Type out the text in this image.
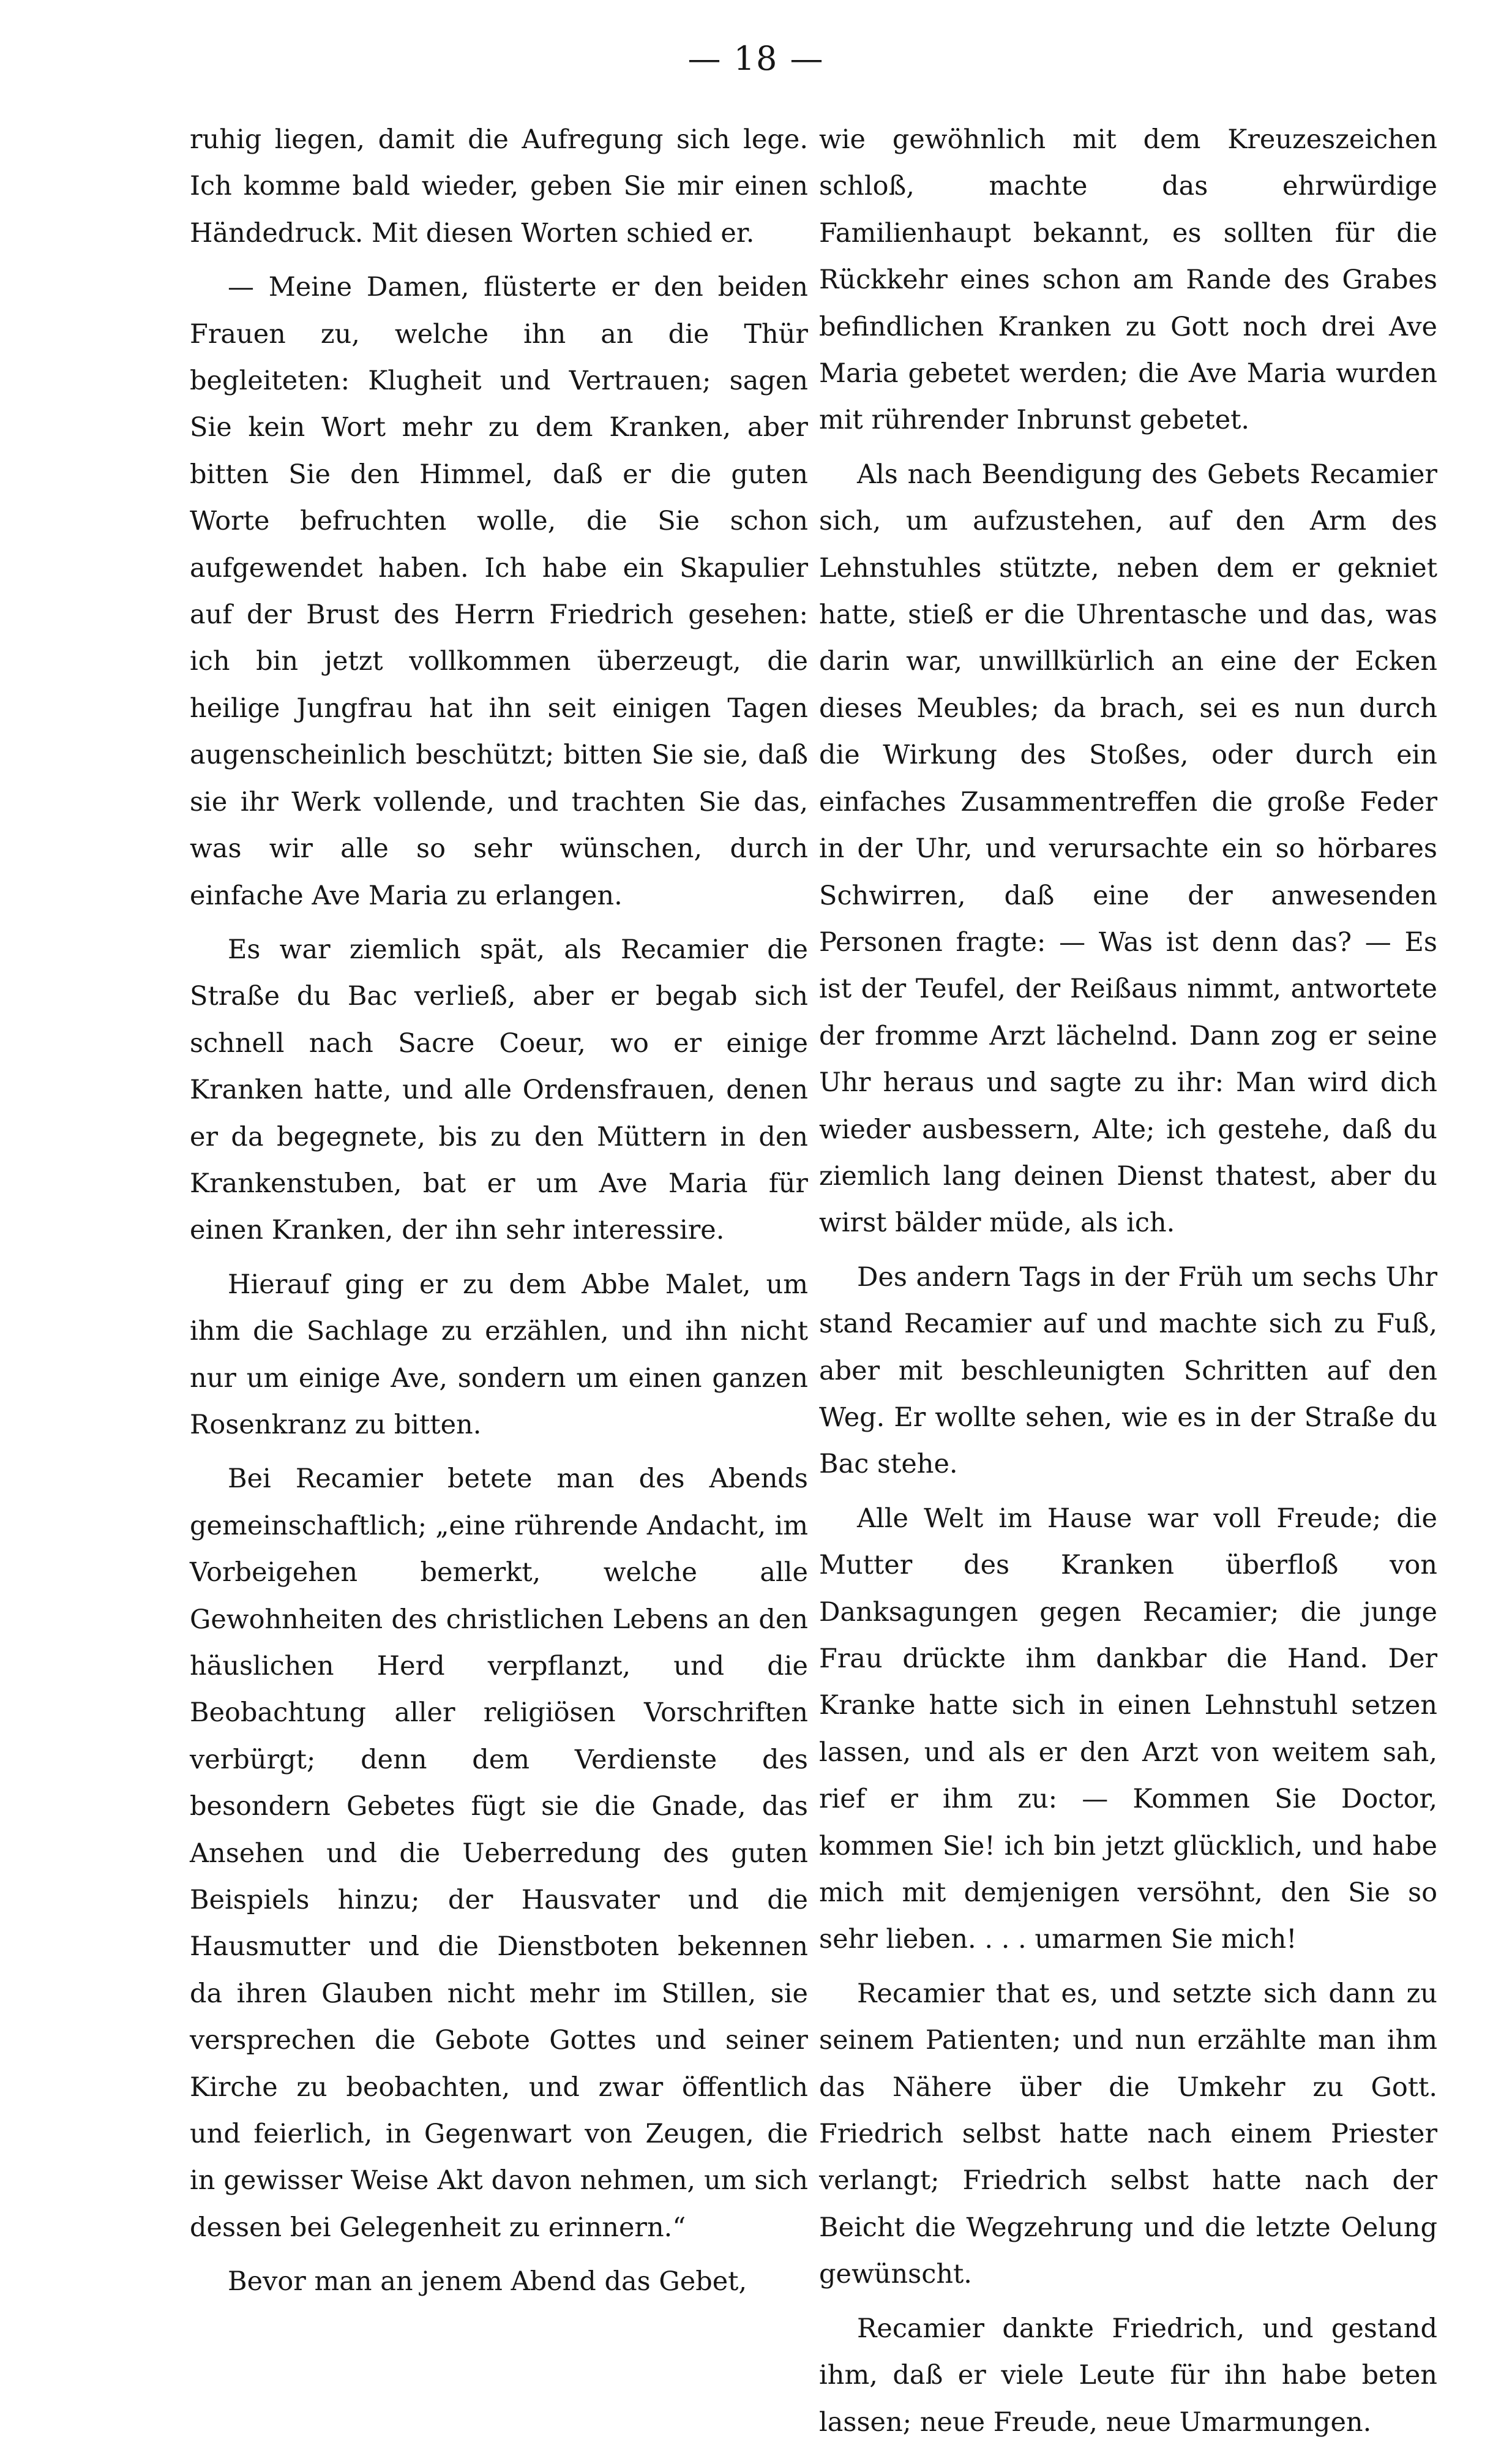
— 18 —

ruhig liegen, damit die Aufregung sich lege. Ich komme bald wieder, geben Sie mir einen Händedruck. Mit diesen Worten schied er.

— Meine Damen, flüsterte er den beiden Frauen zu, welche ihn an die Thür begleiteten: Klugheit und Vertrauen; sagen Sie kein Wort mehr zu dem Kranken, aber bitten Sie den Himmel, daß er die guten Worte befruchten wolle, die Sie schon aufgewendet haben. Ich habe ein Skapulier auf der Brust des Herrn Friedrich gesehen: ich bin jetzt vollkommen überzeugt, die heilige Jungfrau hat ihn seit einigen Tagen augenscheinlich beschützt; bitten Sie sie, daß sie ihr Werk vollende, und trachten Sie das, was wir alle so sehr wünschen, durch einfache Ave Maria zu erlangen.

Es war ziemlich spät, als Recamier die Straße du Bac verließ, aber er begab sich schnell nach Sacre Coeur, wo er einige Kranken hatte, und alle Ordensfrauen, denen er da begegnete, bis zu den Müttern in den Krankenstuben, bat er um Ave Maria für einen Kranken, der ihn sehr interessire.

Hierauf ging er zu dem Abbe Malet, um ihm die Sachlage zu erzählen, und ihn nicht nur um einige Ave, sondern um einen ganzen Rosenkranz zu bitten.

Bei Recamier betete man des Abends gemeinschaftlich; „eine rührende Andacht, im Vorbeigehen bemerkt, welche alle Gewohnheiten des christlichen Lebens an den häuslichen Herd verpflanzt, und die Beobachtung aller religiösen Vorschriften verbürgt; denn dem Verdienste des besondern Gebetes fügt sie die Gnade, das Ansehen und die Ueberredung des guten Beispiels hinzu; der Hausvater und die Hausmutter und die Dienstboten bekennen da ihren Glauben nicht mehr im Stillen, sie versprechen die Gebote Gottes und seiner Kirche zu beobachten, und zwar öffentlich und feierlich, in Gegenwart von Zeugen, die in gewisser Weise Akt davon nehmen, um sich dessen bei Gelegenheit zu erinnern.“

Bevor man an jenem Abend das Gebet,

wie gewöhnlich mit dem Kreuzeszeichen schloß, machte das ehrwürdige Familienhaupt bekannt, es sollten für die Rückkehr eines schon am Rande des Grabes befindlichen Kranken zu Gott noch drei Ave Maria gebetet werden; die Ave Maria wurden mit rührender Inbrunst gebetet.

Als nach Beendigung des Gebets Recamier sich, um aufzustehen, auf den Arm des Lehnstuhles stützte, neben dem er gekniet hatte, stieß er die Uhrentasche und das, was darin war, unwillkürlich an eine der Ecken dieses Meubles; da brach, sei es nun durch die Wirkung des Stoßes, oder durch ein einfaches Zusammentreffen die große Feder in der Uhr, und verursachte ein so hörbares Schwirren, daß eine der anwesenden Personen fragte: — Was ist denn das? — Es ist der Teufel, der Reißaus nimmt, antwortete der fromme Arzt lächelnd. Dann zog er seine Uhr heraus und sagte zu ihr: Man wird dich wieder ausbessern, Alte; ich gestehe, daß du ziemlich lang deinen Dienst thatest, aber du wirst bälder müde, als ich.

Des andern Tags in der Früh um sechs Uhr stand Recamier auf und machte sich zu Fuß, aber mit beschleunigten Schritten auf den Weg. Er wollte sehen, wie es in der Straße du Bac stehe.

Alle Welt im Hause war voll Freude; die Mutter des Kranken überfloß von Danksagungen gegen Recamier; die junge Frau drückte ihm dankbar die Hand. Der Kranke hatte sich in einen Lehnstuhl setzen lassen, und als er den Arzt von weitem sah, rief er ihm zu: — Kommen Sie Doctor, kommen Sie! ich bin jetzt glücklich, und habe mich mit demjenigen versöhnt, den Sie so sehr lieben. . . . umarmen Sie mich!

Recamier that es, und setzte sich dann zu seinem Patienten; und nun erzählte man ihm das Nähere über die Umkehr zu Gott. Friedrich selbst hatte nach einem Priester verlangt; Friedrich selbst hatte nach der Beicht die Wegzehrung und die letzte Oelung gewünscht.

Recamier dankte Friedrich, und gestand ihm, daß er viele Leute für ihn habe beten lassen; neue Freude, neue Umarmungen.
